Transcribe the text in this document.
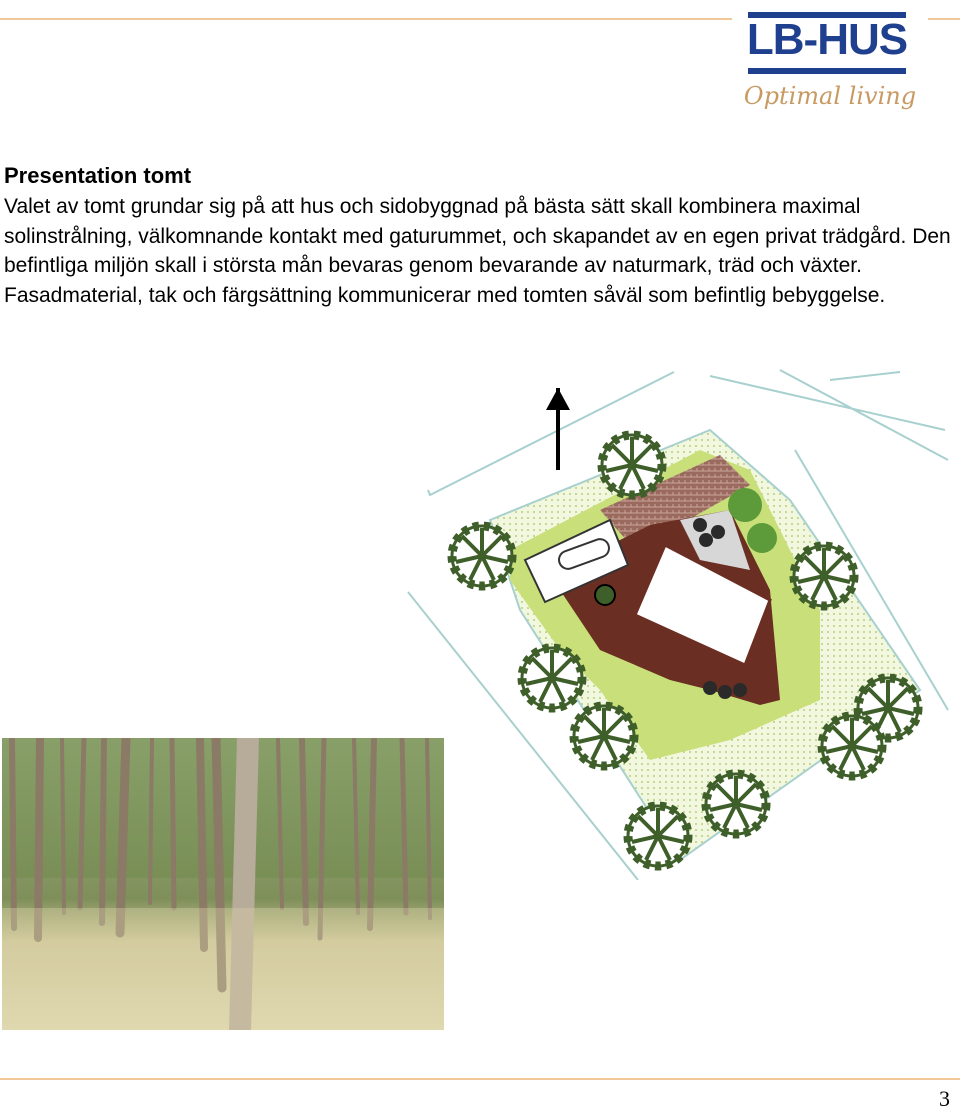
LB-HUS
Optimal living
Presentation tomt
Valet av tomt grundar sig på att hus och sidobyggnad på bästa sätt skall kombinera maximal solinstrålning, välkomnande kontakt med gaturummet, och skapandet av en egen privat trädgård. Den befintliga miljön skall i största mån bevaras genom bevarande av naturmark, träd och växter. Fasadmaterial, tak och färgsättning kommunicerar med tomten såväl som befintlig bebyggelse.
3
